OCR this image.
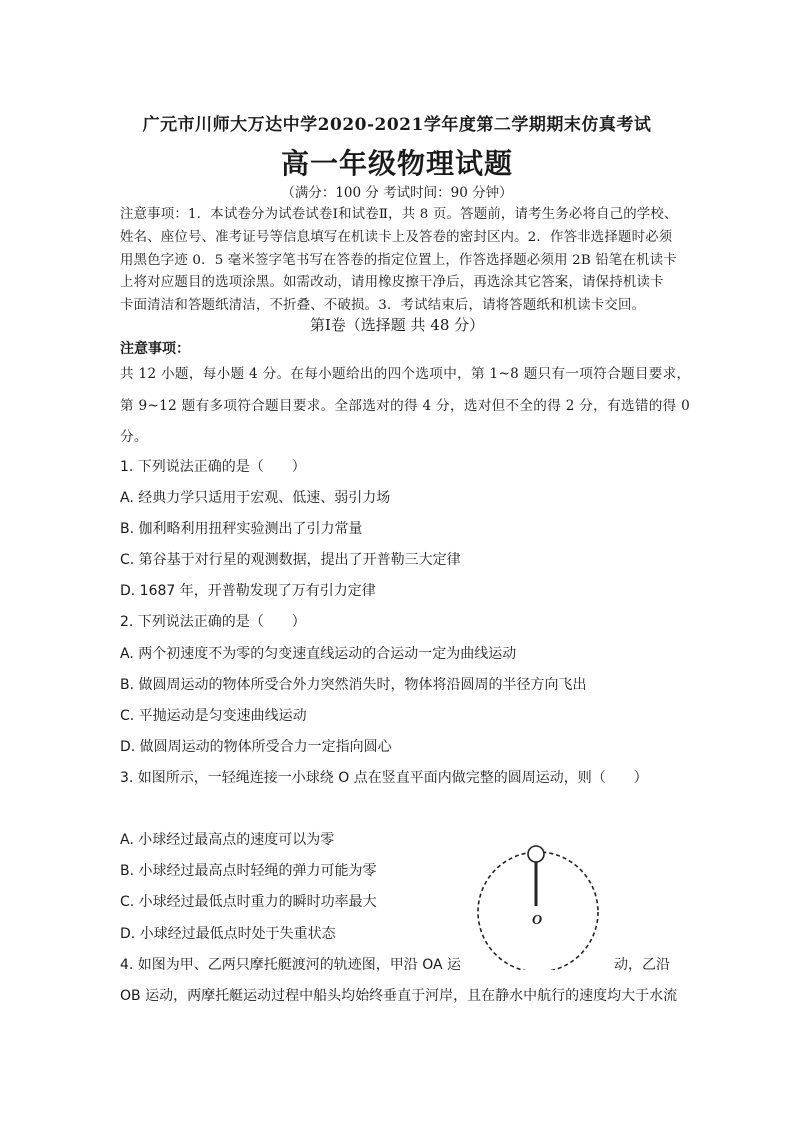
广元市川师大万达中学2020-2021学年度第二学期期末仿真考试
高一年级物理试题
（满分：100 分 考试时间：90 分钟）
注意事项：1．本试卷分为试卷试卷Ⅰ和试卷Ⅱ，共 8 页。答题前，请考生务必将自己的学校、
姓名、座位号、准考证号等信息填写在机读卡上及答卷的密封区内。2．作答非选择题时必须
用黑色字迹 0．5 毫米签字笔书写在答卷的指定位置上，作答选择题必须用 2B 铅笔在机读卡
上将对应题目的选项涂黑。如需改动，请用橡皮擦干净后，再选涂其它答案，请保持机读卡
卡面清洁和答题纸清洁，不折叠、不破损。3．考试结束后，请将答题纸和机读卡交回。
第Ⅰ卷（选择题 共 48 分）
注意事项：
共 12 小题，每小题 4 分。在每小题给出的四个选项中，第 1~8 题只有一项符合题目要求，
第 9~12 题有多项符合题目要求。全部选对的得 4 分，选对但不全的得 2 分，有选错的得 0
分。
1. 下列说法正确的是（　　）
A. 经典力学只适用于宏观、低速、弱引力场
B. 伽利略利用扭秤实验测出了引力常量
C. 第谷基于对行星的观测数据，提出了开普勒三大定律
D. 1687 年，开普勒发现了万有引力定律
2. 下列说法正确的是（　　）
A. 两个初速度不为零的匀变速直线运动的合运动一定为曲线运动
B. 做圆周运动的物体所受合外力突然消失时，物体将沿圆周的半径方向飞出
C. 平抛运动是匀变速曲线运动
D. 做圆周运动的物体所受合力一定指向圆心
3. 如图所示，一轻绳连接一小球绕 O 点在竖直平面内做完整的圆周运动，则（　　）
A. 小球经过最高点的速度可以为零
B. 小球经过最高点时轻绳的弹力可能为零
C. 小球经过最低点时重力的瞬时功率最大
D. 小球经过最低点时处于失重状态
O
4. 如图为甲、乙两只摩托艇渡河的轨迹图，甲沿 OA 运	动，乙沿
OB 运动，两摩托艇运动过程中船头均始终垂直于河岸，且在静水中航行的速度均大于水流
